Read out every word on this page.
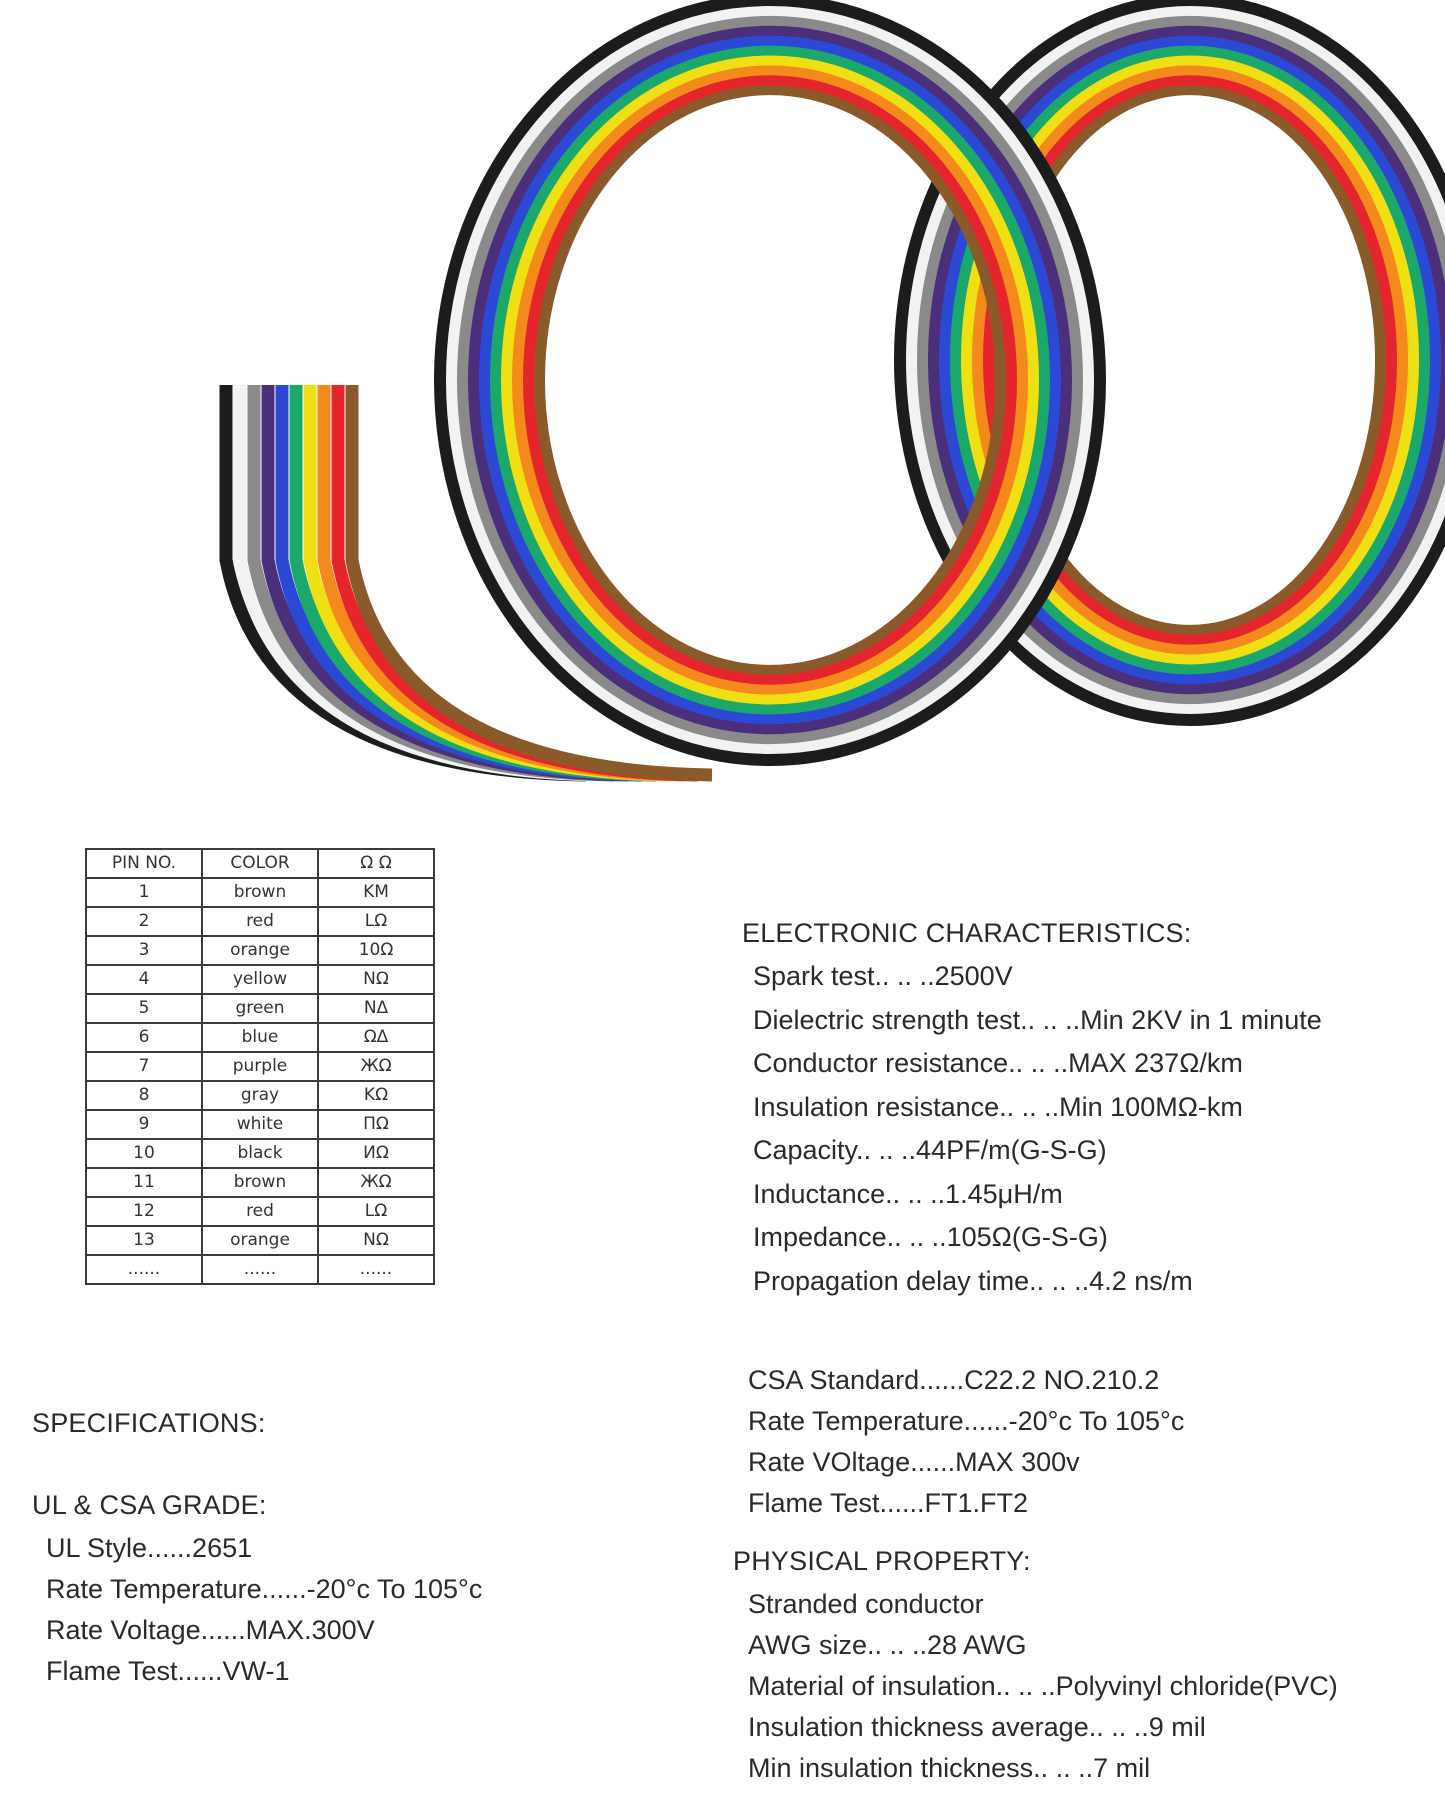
PIN NO.	COLOR	Ω Ω
1	brown	KM
2	red	LΩ
3	orange	10Ω
4	yellow	NΩ
5	green	NΔ
6	blue	ΩΔ
7	purple	ЖΩ
8	gray	KΩ
9	white	ΠΩ
10	black	ИΩ
11	brown	ЖΩ
12	red	LΩ
13	orange	NΩ
......	......	......
SPECIFICATIONS:
UL & CSA GRADE:
UL Style......2651
Rate Temperature......-20°c To 105°c
Rate Voltage......MAX.300V
Flame Test......VW-1
ELECTRONIC CHARACTERISTICS:
Spark test.. .. ..2500V
Dielectric strength test.. .. ..Min 2KV in 1 minute
Conductor resistance.. .. ..MAX 237Ω/km
Insulation resistance.. .. ..Min 100MΩ-km
Capacity.. .. ..44PF/m(G-S-G)
Inductance.. .. ..1.45μH/m
Impedance.. .. ..105Ω(G-S-G)
Propagation delay time.. .. ..4.2 ns/m
CSA Standard......C22.2 NO.210.2
Rate Temperature......-20°c To 105°c
Rate VOltage......MAX 300v
Flame Test......FT1.FT2
PHYSICAL PROPERTY:
Stranded conductor
AWG size.. .. ..28 AWG
Material of insulation.. .. ..Polyvinyl chloride(PVC)
Insulation thickness average.. .. ..9 mil
Min insulation thickness.. .. ..7 mil
